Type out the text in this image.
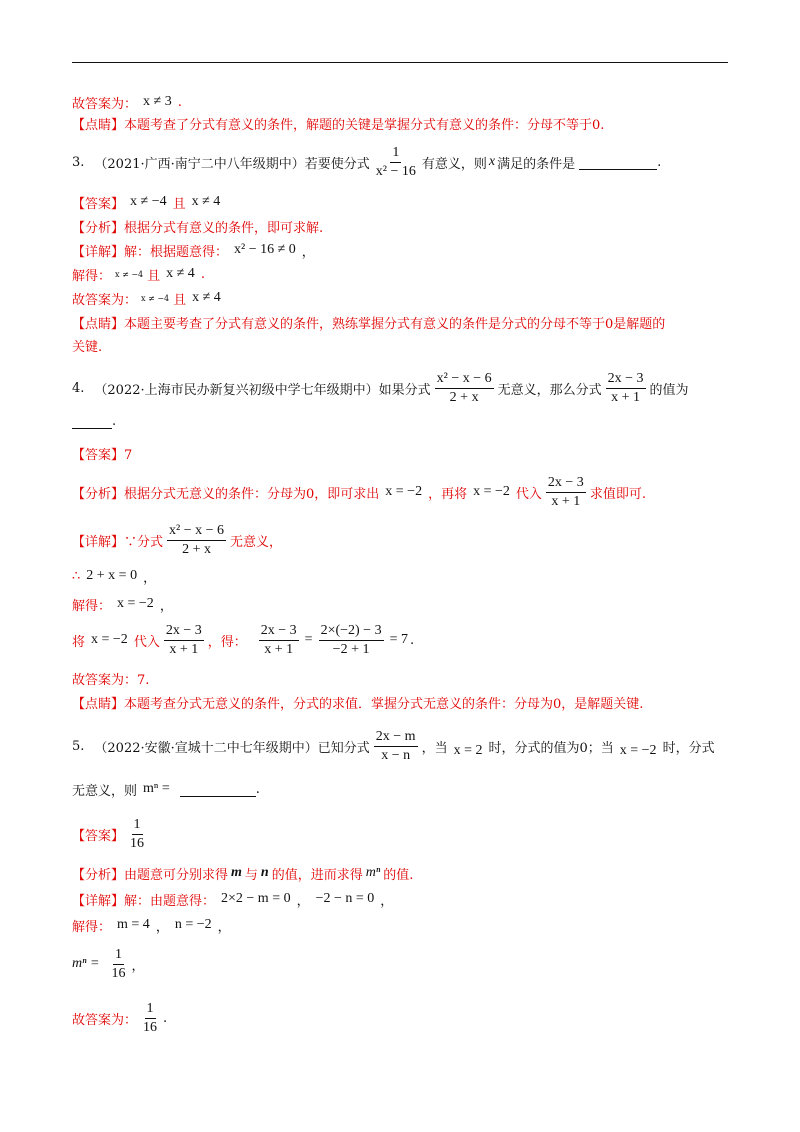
故答案为： x ≠ 3 .
【点睛】本题考查了分式有意义的条件，解题的关键是掌握分式有意义的条件：分母不等于0.
3. （2021·广西·南宁二中八年级期中）若要使分式 $\frac{1}{\text{x² − 16}}$ 有意义，则 x 满足的条件是	.
【答案】 x ≠ −4 且 x ≠ 4
【分析】根据分式有意义的条件，即可求解.
【详解】解：根据题意得： x² − 16 ≠ 0 ，
解得： x ≠ −4 且 x ≠ 4 .
故答案为： x ≠ −4 且 x ≠ 4
【点睛】本题主要考查了分式有意义的条件，熟练掌握分式有意义的条件是分式的分母不等于0是解题的
关键.
4. （2022·上海市民办新复兴初级中学七年级期中）如果分式 $\frac{\text{x² − x − 6}}{2 + x}$ 无意义，那么分式 $\frac{2x - 3}{x + 1}$ 的值为
.
【答案】7
【分析】根据分式无意义的条件：分母为0，即可求出 x = −2 ，再将 x = −2 代入 $\frac{2x - 3}{x + 1}$ 求值即可.
【详解】∵分式 $\frac{\text{x² − x − 6}}{2 + x}$ 无意义，
∴ 2 + x = 0 ，
解得： x = −2 ，
将 x = −2 代入 $\frac{2x - 3}{x + 1}$ ，得： $\frac{2x - 3}{x + 1} = \frac{2\times(-2) - 3}{-2 + 1} = 7$ .
故答案为：7.
【点睛】本题考查分式无意义的条件，分式的求值．掌握分式无意义的条件：分母为0，是解题关键.
5. （2022·安徽·宣城十二中七年级期中）已知分式 $\frac{2x - m}{x - n}$ ，当 x = 2 时，分式的值为0；当 x = −2 时，分式
无意义，则 mⁿ =	.
【答案】 $\frac{1}{16}$
【分析】由题意可分别求得 m 与 n 的值，进而求得 mⁿ 的值.
【详解】解：由题意得： 2×2 − m = 0 ， −2 − n = 0 ，
解得： m = 4 ， n = −2 ，
$m^n = \frac{1}{16}$ ，
故答案为： $\frac{1}{16}$ .
